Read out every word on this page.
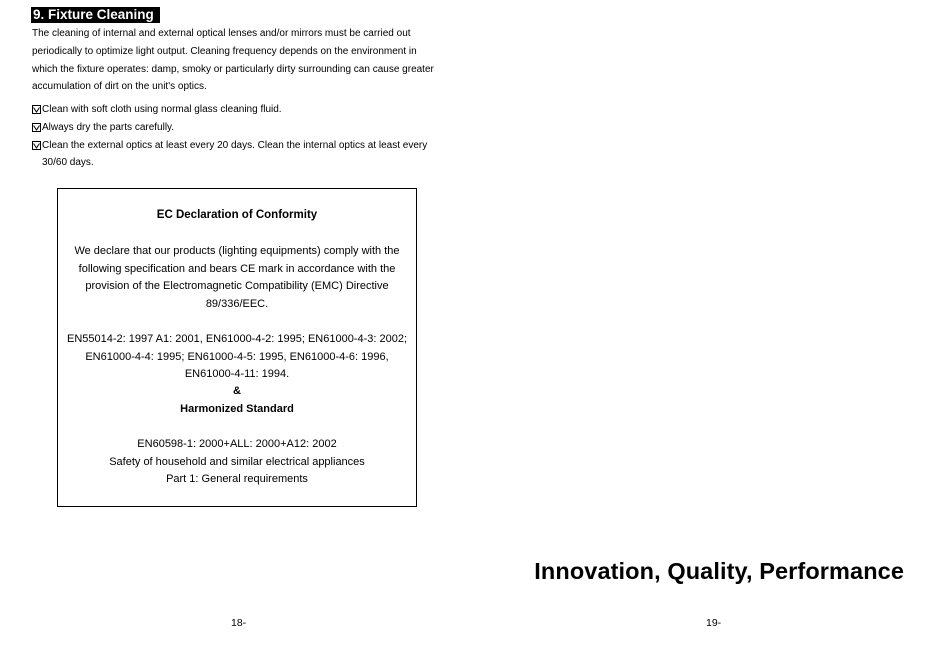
9. Fixture Cleaning

The cleaning of internal and external optical lenses and/or mirrors must be carried out
periodically to optimize light output. Cleaning frequency depends on the environment in
which the fixture operates: damp, smoky or particularly dirty surrounding can cause greater
accumulation of dirt on the unit's optics.

Clean with soft cloth using normal glass cleaning fluid.
Always dry the parts carefully.
Clean the external optics at least every 20 days. Clean the internal optics at least every
30/60 days.
EC Declaration of Conformity
We declare that our products (lighting equipments) comply with the
following specification and bears CE mark in accordance with the
provision of the Electromagnetic Compatibility (EMC) Directive
89/336/EEC.
EN55014-2: 1997 A1: 2001, EN61000-4-2: 1995; EN61000-4-3: 2002;
EN61000-4-4: 1995; EN61000-4-5: 1995, EN61000-4-6: 1996,
EN61000-4-11: 1994.
&
Harmonized Standard
EN60598-1: 2000+ALL: 2000+A12: 2002
Safety of household and similar electrical appliances
Part 1: General requirements
Innovation, Quality, Performance
18-	19-
